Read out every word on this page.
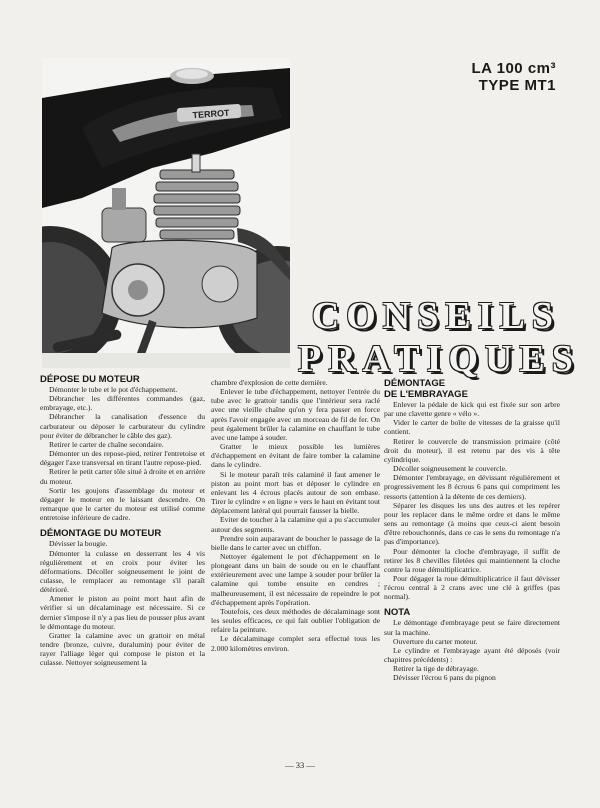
TERROT
LA 100 cm³
TYPE MT1
CONSEILS
PRATIQUES
DÉPOSE DU MOTEUR

Démonter le tube et le pot d'échappement.

Débrancher les différentes commandes (gaz, embrayage, etc.).

Débrancher la canalisation d'essence du carburateur ou déposer le carburateur du cylindre pour éviter de débrancher le câble des gaz).

Retirer le carter de chaîne secondaire.

Démonter un des repose-pied, retirer l'entretoise et dégager l'axe transversal en tirant l'autre repose-pied.

Retirer le petit carter tôle situé à droite et en arrière du moteur.

Sortir les goujons d'assemblage du moteur et dégager le moteur en le laissant descendre. On remarque que le carter du moteur est utilisé comme entretoise inférieure de cadre.

DÉMONTAGE DU MOTEUR

Dévisser la bougie.

Démonter la culasse en desserrant les 4 vis régulièrement et en croix pour éviter les déformations. Décoller soigneusement le joint de culasse, le remplacer au remontage s'il paraît détérioré.

Amener le piston au point mort haut afin de vérifier si un décalaminage est nécessaire. Si ce dernier s'impose il n'y a pas lieu de pousser plus avant le démontage du moteur.

Gratter la calamine avec un grattoir en métal tendre (bronze, cuivre, duralumin) pour éviter de rayer l'alliage léger qui compose le piston et la culasse. Nettoyer soigneusement la

chambre d'explosion de cette dernière.

Enlever le tube d'échappement, nettoyer l'entrée du tube avec le grattoir tandis que l'intérieur sera raclé avec une vieille chaîne qu'on y fera passer en force après l'avoir engagée avec un morceau de fil de fer. On peut également brûler la calamine en chauffant le tube avec une lampe à souder.

Gratter le mieux possible les lumières d'échappement en évitant de faire tomber la calamine dans le cylindre.

Si le moteur paraît très calaminé il faut amener le piston au point mort bas et déposer le cylindre en enlevant les 4 écrous placés autour de son embase. Tirer le cylindre « en ligne » vers le haut en évitant tout déplacement latéral qui pourrait fausser la bielle.

Eviter de toucher à la calamine qui a pu s'accumuler autour des segments.

Prendre soin auparavant de boucher le passage de la bielle dans le carter avec un chiffon.

Nettoyer également le pot d'échappement en le plongeant dans un bain de soude ou en le chauffant extérieurement avec une lampe à souder pour brûler la calamine qui tombe ensuite en cendres ; malheureusement, il est nécessaire de repeindre le pot d'échappement après l'opération.

Toutefois, ces deux méthodes de décalaminage sont les seules efficaces, ce qui fait oublier l'obligation de refaire la peinture.

Le décalaminage complet sera effectué tous les 2.000 kilomètres environ.

DÉMONTAGE
DE L'EMBRAYAGE

Enlever la pédale de kick qui est fixée sur son arbre par une clavette genre « vélo ».

Vider le carter de boîte de vitesses de la graisse qu'il contient.

Retirer le couvercle de transmission primaire (côté droit du moteur), il est retenu par des vis à tête cylindrique.

Décoller soigneusement le couvercle.

Démonter l'embrayage, en dévissant régulièrement et progressivement les 8 écrous 6 pans qui compriment les ressorts (attention à la détente de ces derniers).

Séparer les disques les uns des autres et les repérer pour les replacer dans le même ordre et dans le même sens au remontage (à moins que ceux-ci aient besoin d'être rebouchonnés, dans ce cas le sens du remontage n'a pas d'importance).

Pour démonter la cloche d'embrayage, il suffit de retirer les 8 chevilles filetées qui maintiennent la cloche contre la roue démultiplicatrice.

Pour dégager la roue démultiplicatrice il faut dévisser l'écrou central à 2 crans avec une clé à griffes (pas normal).

NOTA

Le démontage d'embrayage peut se faire directement sur la machine.

Ouverture du carter moteur.

Le cylindre et l'embrayage ayant été déposés (voir chapitres précédents) :

Retirer la tige de débrayage.

Dévisser l'écrou 6 pans du pignon

— 33 —
